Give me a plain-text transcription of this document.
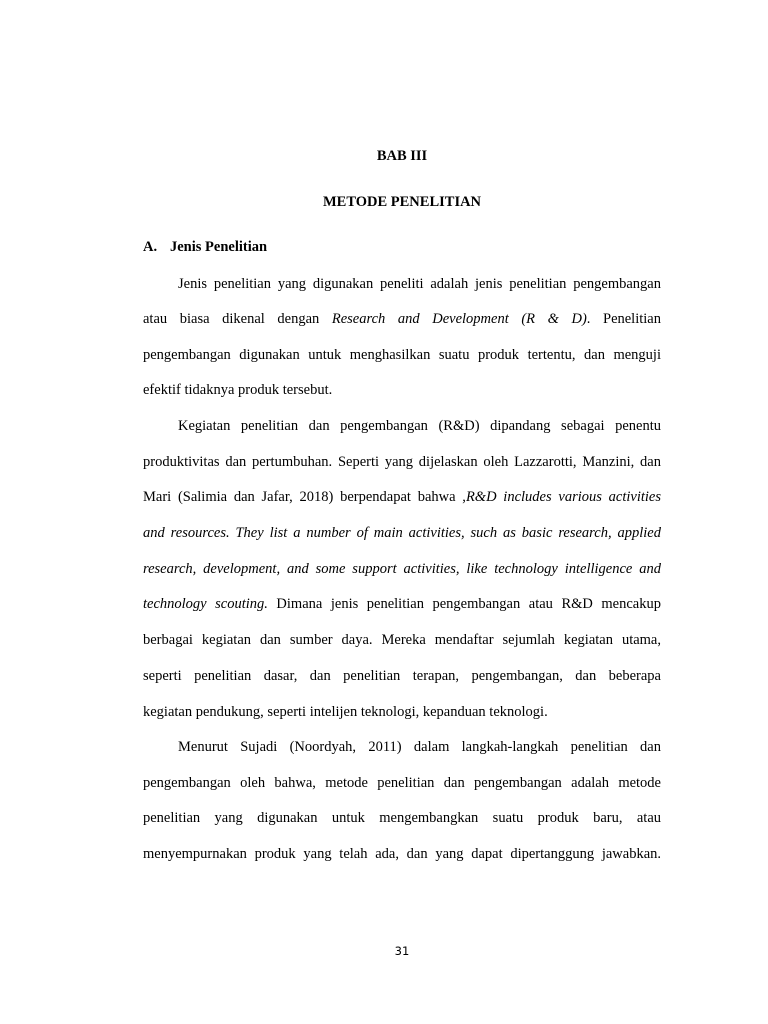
BAB III
METODE PENELITIAN
A. Jenis Penelitian

Jenis penelitian yang digunakan peneliti adalah jenis penelitian pengembangan

atau biasa dikenal dengan Research and Development (R & D). Penelitian

pengembangan digunakan untuk menghasilkan suatu produk tertentu, dan menguji

efektif tidaknya produk tersebut.

Kegiatan penelitian dan pengembangan (R&D) dipandang sebagai penentu

produktivitas dan pertumbuhan. Seperti yang dijelaskan oleh Lazzarotti, Manzini, dan

Mari (Salimia dan Jafar, 2018) berpendapat bahwa ,R&D includes various activities

and resources. They list a number of main activities, such as basic research, applied

research, development, and some support activities, like technology intelligence and

technology scouting. Dimana jenis penelitian pengembangan atau R&D mencakup

berbagai kegiatan dan sumber daya. Mereka mendaftar sejumlah kegiatan utama,

seperti penelitian dasar, dan penelitian terapan, pengembangan, dan beberapa

kegiatan pendukung, seperti intelijen teknologi, kepanduan teknologi.

Menurut Sujadi (Noordyah, 2011) dalam langkah-langkah penelitian dan

pengembangan oleh bahwa, metode penelitian dan pengembangan adalah metode

penelitian yang digunakan untuk mengembangkan suatu produk baru, atau

menyempurnakan produk yang telah ada, dan yang dapat dipertanggung jawabkan.

31
